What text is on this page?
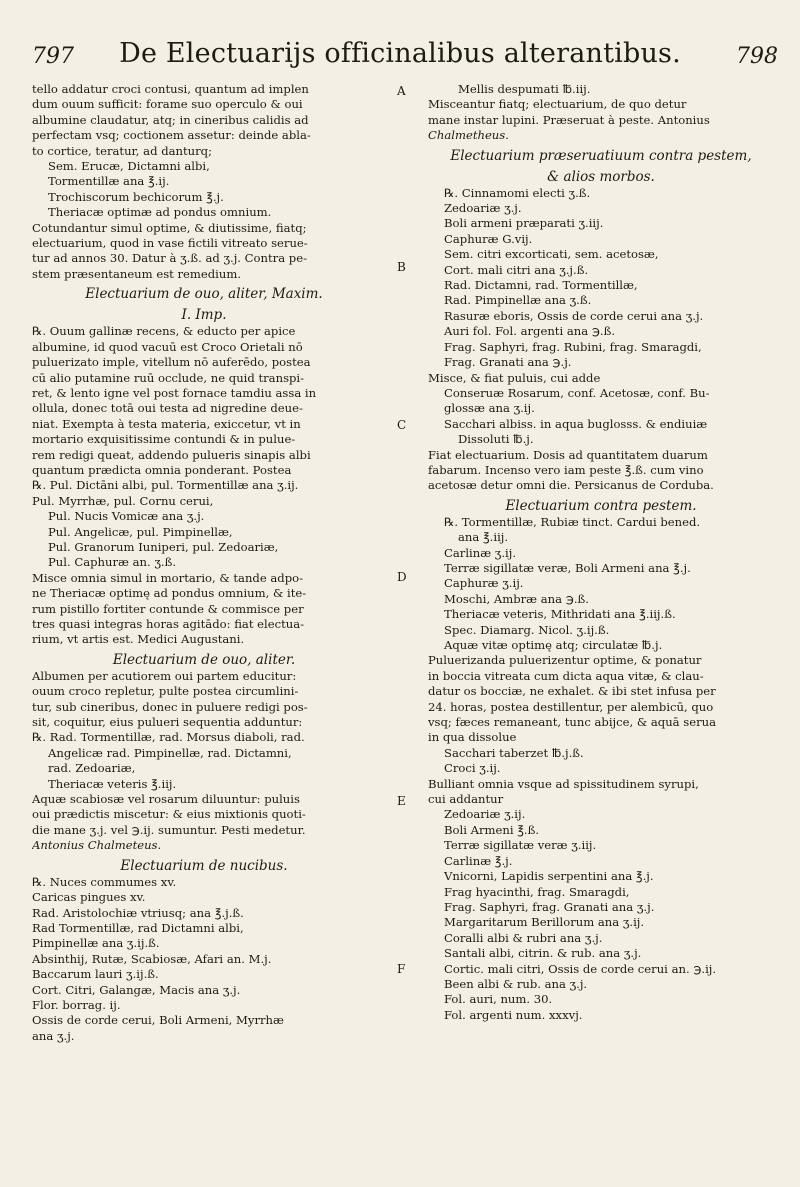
797	De Electuarijs officinalibus alterantibus.	798

tello addatur croci contusi, quantum ad implen

dum ouum sufficit: forame suo operculo & oui

albumine claudatur, atq; in cineribus calidis ad

perfectam vsq; coctionem assetur: deinde abla-

to cortice, teratur, ad danturq;

Sem. Erucæ, Dictamni albi,

Tormentillæ ana ℥.ij.

Trochiscorum bechicorum ℥.j.

Theriacæ optimæ ad pondus omnium.

Cotundantur simul optime, & diutissime, fiatq;

electuarium, quod in vase fictili vitreato serue-

tur ad annos 30. Datur à ʒ.ß. ad ʒ.j. Contra pe-

stem præsentaneum est remedium.

Electuarium de ouo, aliter, Maxim.

I. Imp.

℞. Ouum gallinæ recens, & educto per apice

albumine, id quod vacuū est Croco Orietali nō

puluerizato imple, vitellum nō auferēdo, postea

cū alio putamine ruū occlude, ne quid transpi-

ret, & lento igne vel post fornace tamdiu assa in

ollula, donec totā oui testa ad nigredine deue-

niat. Exempta à testa materia, exiccetur, vt in

mortario exquisitissime contundi & in pulue-

rem redigi queat, addendo pulueris sinapis albi

quantum prædicta omnia ponderant. Postea

℞. Pul. Dictāni albi, pul. Tormentillæ ana ʒ.ij.

Pul. Myrrhæ, pul. Cornu cerui,

Pul. Nucis Vomicæ ana ʒ.j.

Pul. Angelicæ, pul. Pimpinellæ,

Pul. Granorum Iuniperi, pul. Zedoariæ,

Pul. Caphuræ an. ʒ.ß.

Misce omnia simul in mortario, & tande adpo-

ne Theriacæ optimę ad pondus omnium, & ite-

rum pistillo fortiter contunde & commisce per

tres quasi integras horas agitādo: fiat electua-

rium, vt artis est. Medici Augustani.

Electuarium de ouo, aliter.

Albumen per acutiorem oui partem educitur:

ouum croco repletur, pulte postea circumlini-

tur, sub cineribus, donec in puluere redigi pos-

sit, coquitur, eius pulueri sequentia adduntur:

℞. Rad. Tormentillæ, rad. Morsus diaboli, rad.

Angelicæ rad. Pimpinellæ, rad. Dictamni,

rad. Zedoariæ,

Theriacæ veteris ℥.iij.

Aquæ scabiosæ vel rosarum diluuntur: puluis

oui prædictis miscetur: & eius mixtionis quoti-

die mane ʒ.j. vel ℈.ij. sumuntur. Pesti medetur.

Antonius Chalmeteus.

Electuarium de nucibus.

℞. Nuces commumes xv.

Caricas pingues xv.

Rad. Aristolochiæ vtriusq; ana ℥.j.ß.

Rad Tormentillæ, rad Dictamni albi,

Pimpinellæ ana ʒ.ij.ß.

Absinthij, Rutæ, Scabiosæ, Afari an. M.j.

Baccarum lauri ʒ.ij.ß.

Cort. Citri, Galangæ, Macis ana ʒ.j.

Flor. borrag. ij.

Ossis de corde cerui, Boli Armeni, Myrrhæ

ana ʒ.j.

Mellis despumati ℔.iij.

Misceantur fiatq; electuarium, de quo detur

mane instar lupini. Præseruat à peste. Antonius

Chalmetheus.

Electuarium præseruatiuum contra pestem,

& alios morbos.

℞. Cinnamomi electi ʒ.ß.

Zedoariæ ʒ.j.

Boli armeni præparati ʒ.iij.

Caphuræ G.vij.

Sem. citri excorticati, sem. acetosæ,

Cort. mali citri ana ʒ.j.ß.

Rad. Dictamni, rad. Tormentillæ,

Rad. Pimpinellæ ana ʒ.ß.

Rasuræ eboris, Ossis de corde cerui ana ʒ.j.

Auri fol. Fol. argenti ana ℈.ß.

Frag. Saphyri, frag. Rubini, frag. Smaragdi,

Frag. Granati ana ℈.j.

Misce, & fiat puluis, cui adde

Conseruæ Rosarum, conf. Acetosæ, conf. Bu-

glossæ ana ʒ.ij.

Sacchari albiss. in aqua buglosss. & endiuiæ

Dissoluti ℔.j.

Fiat electuarium. Dosis ad quantitatem duarum

fabarum. Incenso vero iam peste ℥.ß. cum vino

acetosæ detur omni die. Persicanus de Corduba.

Electuarium contra pestem.

℞. Tormentillæ, Rubiæ tinct. Cardui bened.

ana ℥.iij.

Carlinæ ʒ.ij.

Terræ sigillatæ veræ, Boli Armeni ana ℥.j.

Caphuræ ʒ.ij.

Moschi, Ambræ ana ℈.ß.

Theriacæ veteris, Mithridati ana ℥.iij.ß.

Spec. Diamarg. Nicol. ʒ.ij.ß.

Aquæ vitæ optimę atq; circulatæ ℔.j.

Puluerizanda puluerizentur optime, & ponatur

in boccia vitreata cum dicta aqua vitæ, & clau-

datur os bocciæ, ne exhalet. & ibi stet infusa per

24. horas, postea destillentur, per alembicū, quo

vsq; fæces remaneant, tunc abijce, & aquā serua

in qua dissolue

Sacchari taberzet ℔.j.ß.

Croci ʒ.ij.

Bulliant omnia vsque ad spissitudinem syrupi,

cui addantur

Zedoariæ ʒ.ij.

Boli Armeni ℥.ß.

Terræ sigillatæ veræ ʒ.iij.

Carlinæ ℥.j.

Vnicorni, Lapidis serpentini ana ℥.j.

Frag hyacinthi, frag. Smaragdi,

Frag. Saphyri, frag. Granati ana ʒ.j.

Margaritarum Berillorum ana ʒ.ij.

Coralli albi & rubri ana ʒ.j.

Santali albi, citrin. & rub. ana ʒ.j.

Cortic. mali citri, Ossis de corde cerui an. ℈.ij.

Been albi & rub. ana ʒ.j.

Fol. auri, num. 30.

Fol. argenti num. xxxvj.

A
B
C
D
E
F
